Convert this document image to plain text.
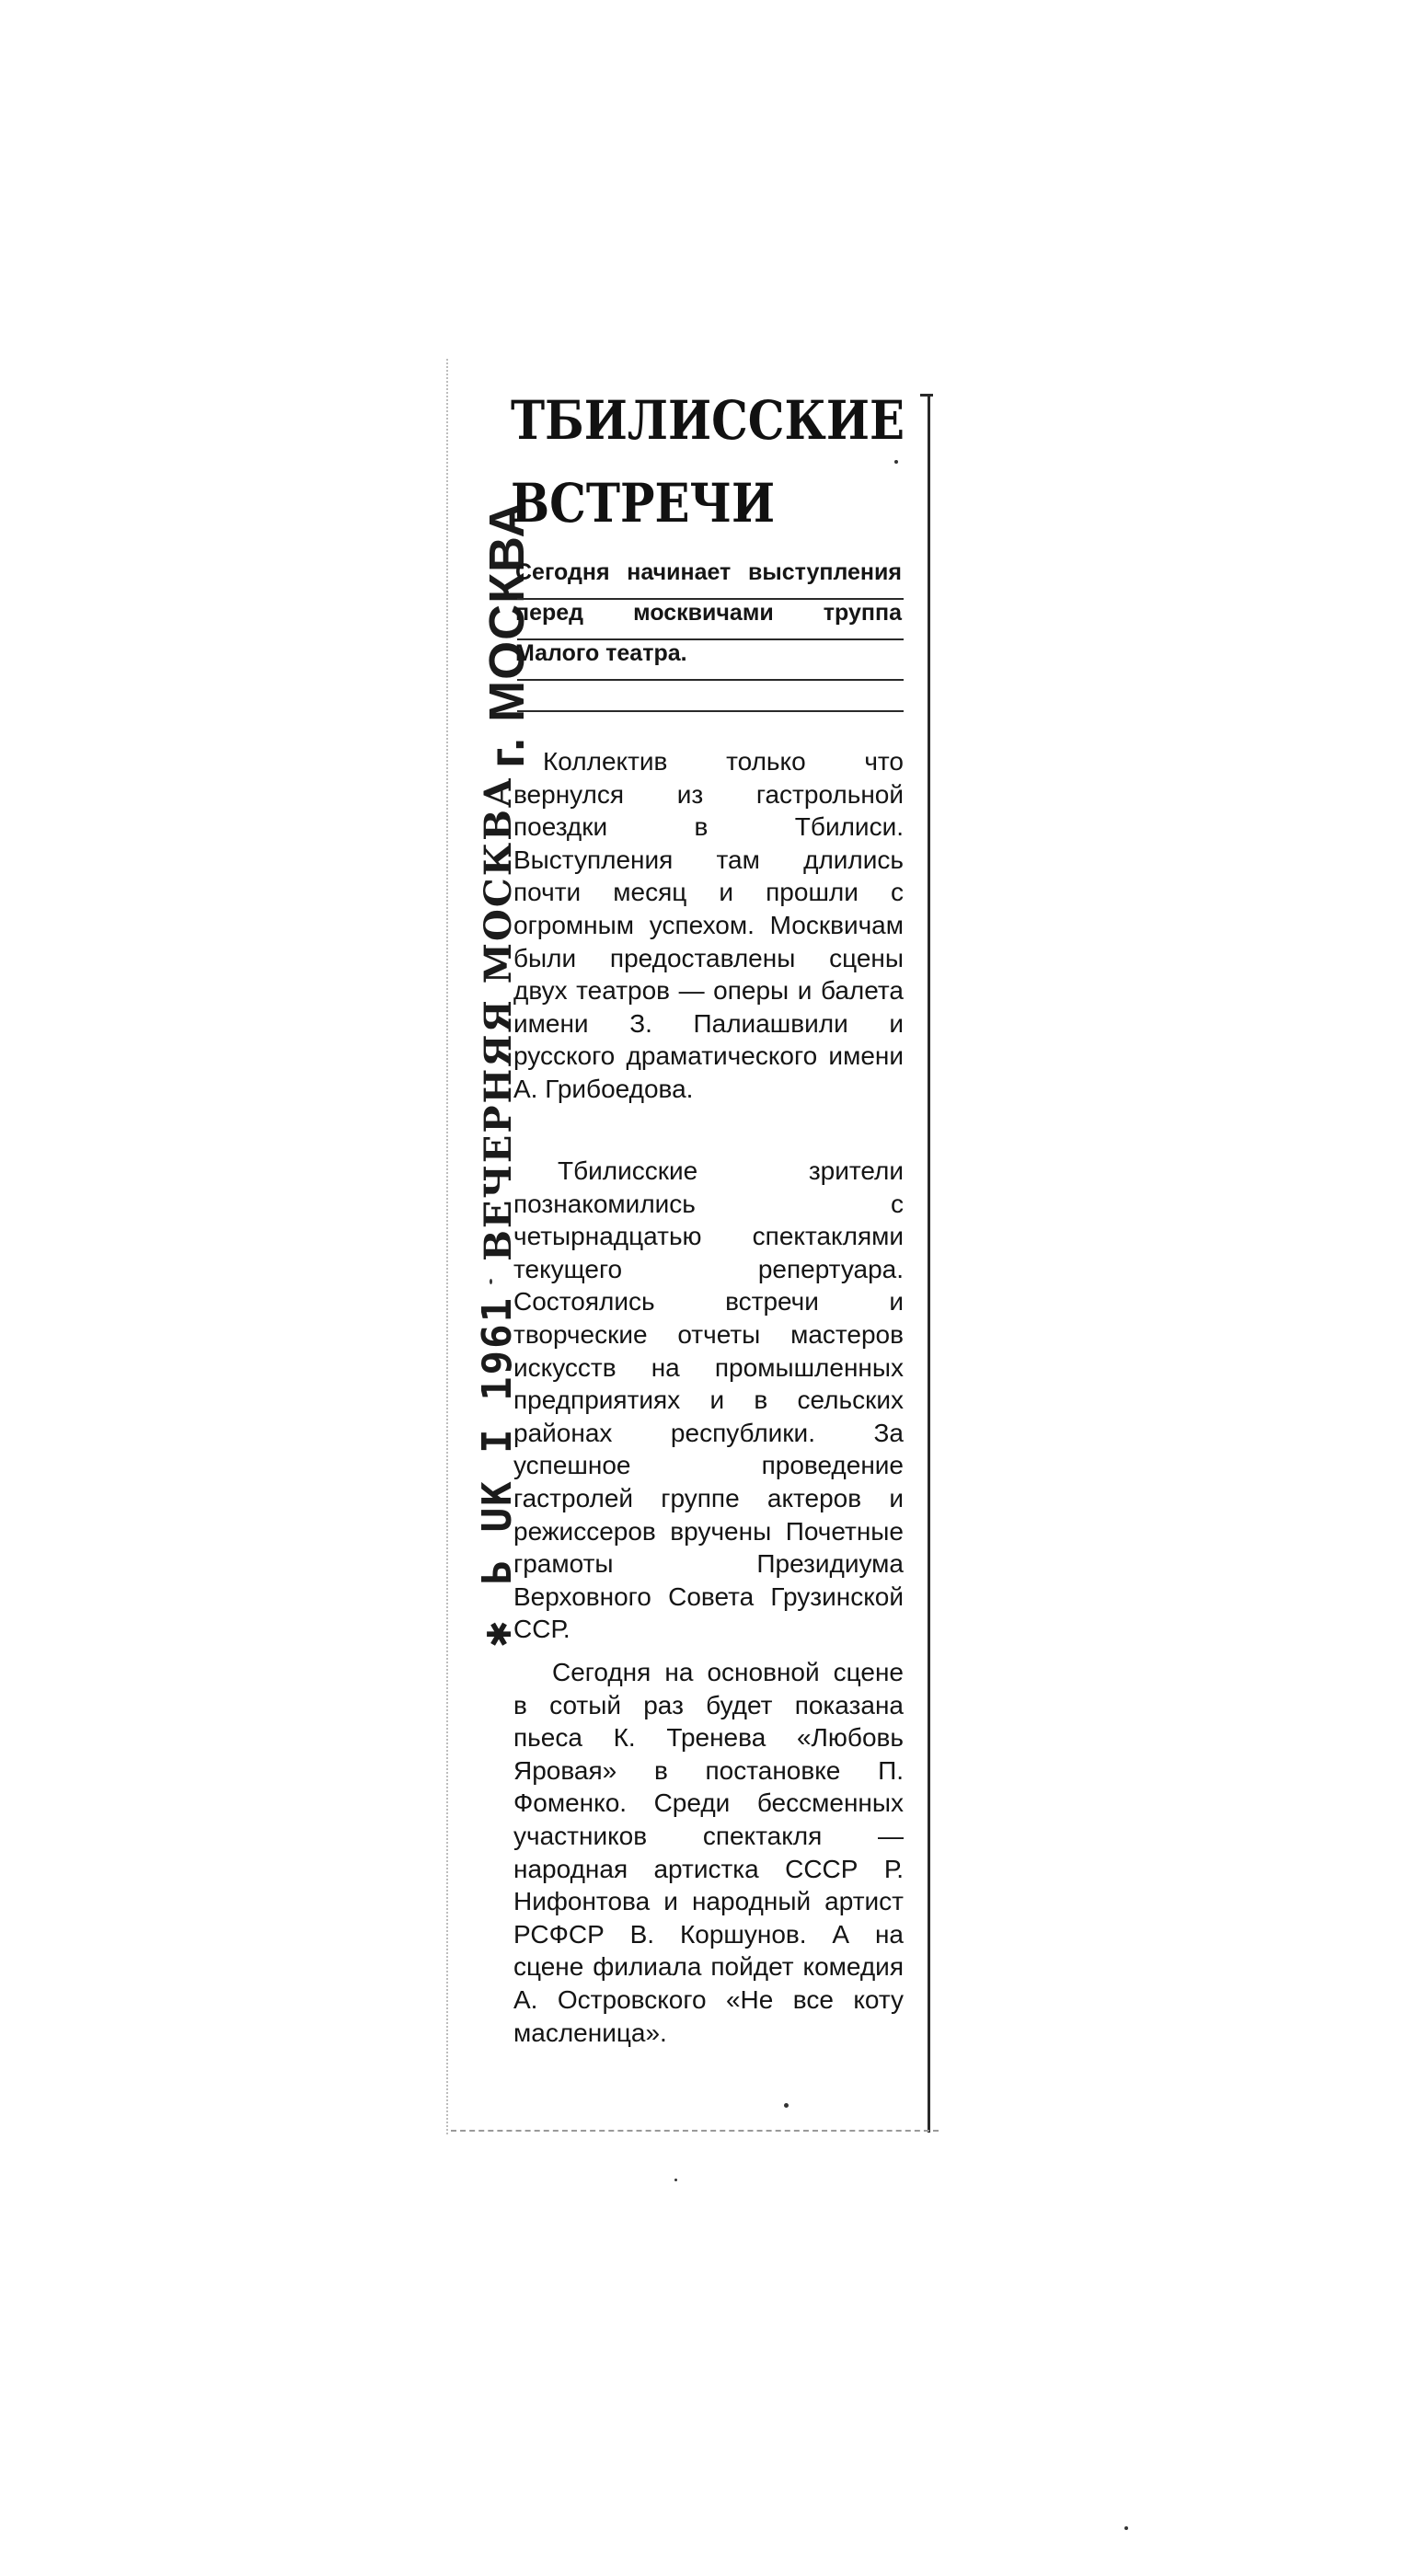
✱Ь UK I 1961ВЕЧЕРНЯЯ МОСКВА
г. МОСКВА
ТБИЛИССКИЕ
ВСТРЕЧИ

Сегодня начинает выступления перед москвичами труппа Малого театра.

Коллектив только что вернулся из гастрольной поездки в Тбилиси. Выступления там длились почти месяц и прошли с огромным успехом. Москвичам были предоставлены сцены двух театров — оперы и балета имени З. Палиашвили и русского драматического имени А. Грибоедова.

Тбилисские зрители познакомились с четырнадцатью спектаклями текущего репертуара. Состоялись встречи и творческие отчеты мастеров искусств на промышленных предприятиях и в сельских районах республики. За успешное проведение гастролей группе актеров и режиссеров вручены Почетные грамоты Президиума Верховного Совета Грузинской ССР.

Сегодня на основной сцене в сотый раз будет показана пьеса К. Тренева «Любовь Яровая» в постановке П. Фоменко. Среди бессменных участников спектакля — народная артистка СССР Р. Нифонтова и народный артист РСФСР В. Коршунов. А на сцене филиала пойдет комедия А. Островского «Не все коту масленица».
